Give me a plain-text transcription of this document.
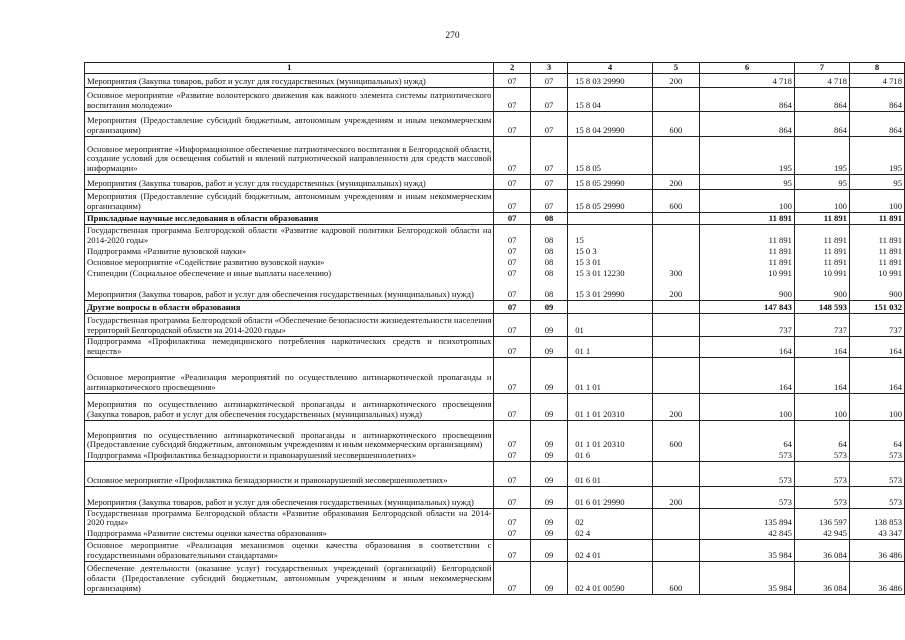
270
1	2	3	4	5	6	7	8
Мероприятия (Закупка товаров, работ и услуг для государственных (муниципальных) нужд)	07	07	15 8 03 29990	200	4 718	4 718	4 718
Основное мероприятие «Развитие волонтерского движения как важного элемента системы патриотического воспитания молодежи»	07	07	15 8 04		864	864	864
Мероприятия (Предоставление субсидий бюджетным, автономным учреждениям и иным некоммерческим организациям)	07	07	15 8 04 29990	600	864	864	864
Основное мероприятие «Информационное обеспечение патриотического воспитания в Белгородской области, создание условий для освещения событий и явлений патриотической направленности для средств массовой информации»	07	07	15 8 05		195	195	195
Мероприятия (Закупка товаров, работ и услуг для государственных (муниципальных) нужд)	07	07	15 8 05 29990	200	95	95	95
Мероприятия (Предоставление субсидий бюджетным, автономным учреждениям и иным некоммерческим организациям)	07	07	15 8 05 29990	600	100	100	100
Прикладные научные исследования в области образования	07	08			11 891	11 891	11 891
Государственная программа Белгородской области «Развитие кадровой политики Белгородской области на 2014-2020 годы»	07	08	15		11 891	11 891	11 891
Подпрограмма «Развитие вузовской науки»	07	08	15 0 3		11 891	11 891	11 891
Основное мероприятие «Содействие развитию вузовской науки»	07	08	15 3 01		11 891	11 891	11 891
Стипендии (Социальное обеспечение и иные выплаты населению)	07	08	15 3 01 12230	300	10 991	10 991	10 991
Мероприятия (Закупка товаров, работ и услуг для обеспечения государственных (муниципальных) нужд)	07	08	15 3 01 29990	200	900	900	900
Другие вопросы в области образования	07	09			147 843	148 593	151 032
Государственная программа Белгородской области «Обеспечение безопасности жизнедеятельности населения территорий Белгородской области на 2014-2020 годы»	07	09	01		737	737	737
Подпрограмма «Профилактика немедицинского потребления наркотических средств и психотропных веществ»	07	09	01 1		164	164	164
Основное мероприятие «Реализация мероприятий по осуществлению антинаркотической пропаганды и антинаркотического просвещения»	07	09	01 1 01		164	164	164
Мероприятия по осуществлению антинаркотической пропаганды и антинаркотического просвещения (Закупка товаров, работ и услуг для обеспечения государственных (муниципальных) нужд)	07	09	01 1 01 20310	200	100	100	100
Мероприятия по осуществлению антинаркотической пропаганды и антинаркотического просвещения (Предоставление субсидий бюджетным, автономным учреждениям и иным некоммерческим организациям)	07	09	01 1 01 20310	600	64	64	64
Подпрограмма «Профилактика безнадзорности и правонарушений несовершеннолетних»	07	09	01 6		573	573	573
Основное мероприятие «Профилактика безнадзорности и правонарушений несовершеннолетних»	07	09	01 6 01		573	573	573
Мероприятия (Закупка товаров, работ и услуг для обеспечения государственных (муниципальных) нужд)	07	09	01 6 01 29990	200	573	573	573
Государственная программа Белгородской области «Развитие образования Белгородской области на 2014-2020 годы»	07	09	02		135 894	136 597	138 853
Подпрограмма «Развитие системы оценки качества образования»	07	09	02 4		42 845	42 945	43 347
Основное мероприятие «Реализация механизмов оценки качества образования в соответствии с государственными образовательными стандартами»	07	09	02 4 01		35 984	36 084	36 486
Обеспечение деятельности (оказание услуг) государственных учреждений (организаций) Белгородской области (Предоставление субсидий бюджетным, автономным учреждениям и иным некоммерческим организациям)	07	09	02 4 01 00590	600	35 984	36 084	36 486
